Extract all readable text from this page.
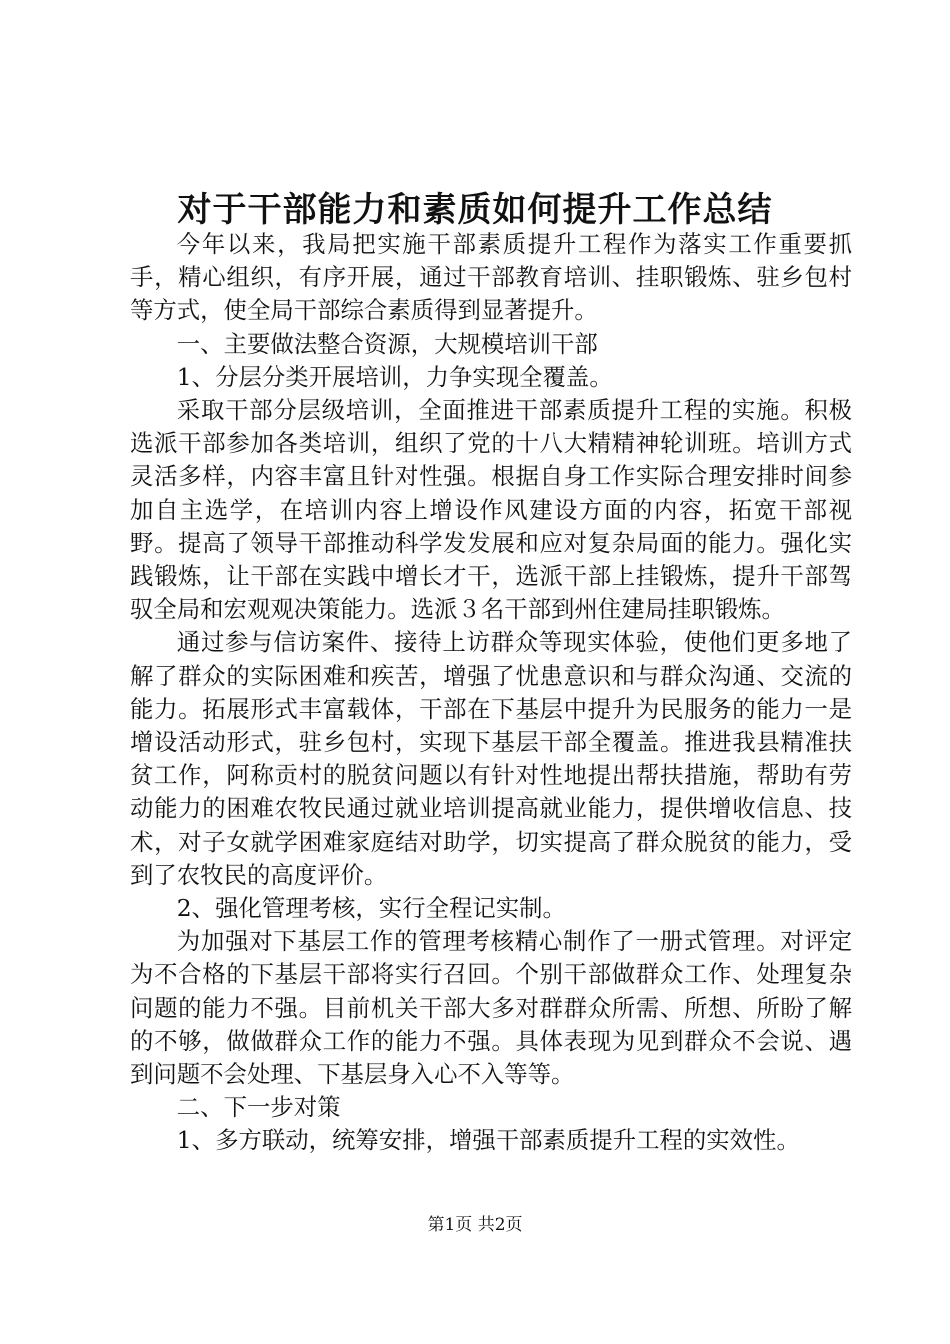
对于干部能力和素质如何提升工作总结

今年以来，我局把实施干部素质提升工程作为落实工作重要抓手，精心组织，有序开展，通过干部教育培训、挂职锻炼、驻乡包村等方式，使全局干部综合素质得到显著提升。

一、主要做法整合资源，大规模培训干部

1、分层分类开展培训，力争实现全覆盖。

采取干部分层级培训，全面推进干部素质提升工程的实施。积极选派干部参加各类培训，组织了党的十八大精精神轮训班。培训方式灵活多样，内容丰富且针对性强。根据自身工作实际合理安排时间参加自主选学，在培训内容上增设作风建设方面的内容，拓宽干部视野。提高了领导干部推动科学发发展和应对复杂局面的能力。强化实践锻炼，让干部在实践中增长才干，选派干部上挂锻炼，提升干部驾驭全局和宏观观决策能力。选派３名干部到州住建局挂职锻炼。

通过参与信访案件、接待上访群众等现实体验，使他们更多地了解了群众的实际困难和疾苦，增强了忧患意识和与群众沟通、交流的能力。拓展形式丰富载体，干部在下基层中提升为民服务的能力一是增设活动形式，驻乡包村，实现下基层干部全覆盖。推进我县精准扶贫工作，阿称贡村的脱贫问题以有针对性地提出帮扶措施，帮助有劳动能力的困难农牧民通过就业培训提高就业能力，提供增收信息、技术，对子女就学困难家庭结对助学，切实提高了群众脱贫的能力，受到了农牧民的高度评价。

2、强化管理考核，实行全程记实制。

为加强对下基层工作的管理考核精心制作了一册式管理。对评定为不合格的下基层干部将实行召回。个别干部做群众工作、处理复杂问题的能力不强。目前机关干部大多对群群众所需、所想、所盼了解的不够，做做群众工作的能力不强。具体表现为见到群众不会说、遇到问题不会处理、下基层身入心不入等等。

二、下一步对策

1、多方联动，统筹安排，增强干部素质提升工程的实效性。

第1页 共2页
